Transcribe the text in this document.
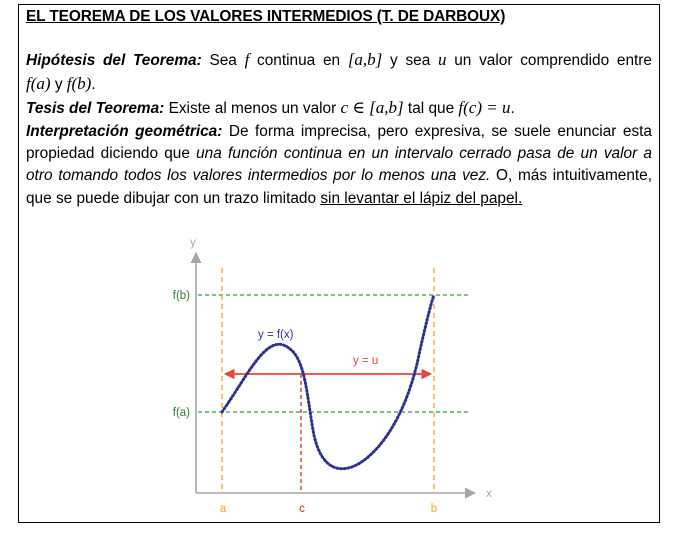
EL TEOREMA DE LOS VALORES INTERMEDIOS (T. DE DARBOUX)
Hipótesis del Teorema: Sea f continua en [a,b] y sea u un valor comprendido entre
f(a) y f(b).
Tesis del Teorema: Existe al menos un valor c ∈ [a,b] tal que f(c) = u.
Interpretación geométrica: De forma imprecisa, pero expresiva, se suele enunciar esta propiedad diciendo que una función continua en un intervalo cerrado pasa de un valor a otro tomando todos los valores intermedios por lo menos una vez. O, más intuitivamente, que se puede dibujar con un trazo limitado sin levantar el lápiz del papel.
y
x
f(b)
f(a)
y = f(x)
y = u
a	c	b
